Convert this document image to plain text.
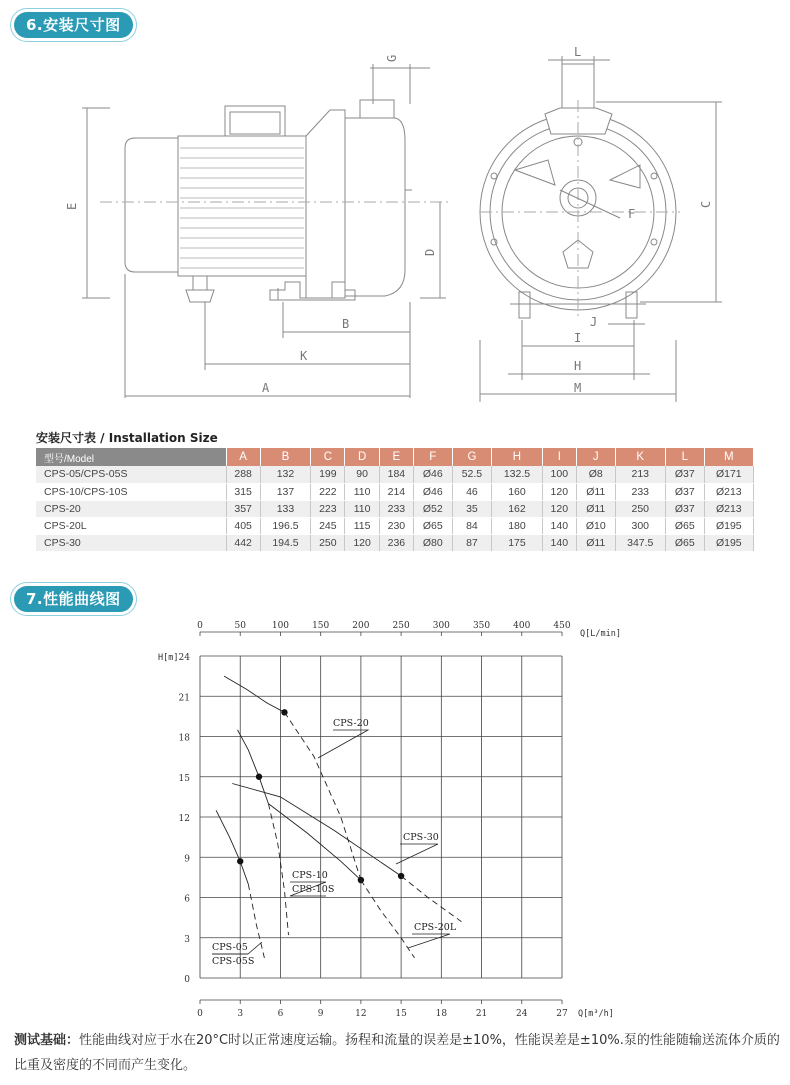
6.安装尺寸图
E
D
G
B
K
A
L
C
F
J
I
H
M
安装尺寸表 / Installation Size
型号/Model	A	B	C	D	E	F	G	H	I	J	K	L	M
CPS-05/CPS-05S	288	132	199	90	184	Ø46	52.5	132.5	100	Ø8	213	Ø37	Ø171
CPS-10/CPS-10S	315	137	222	110	214	Ø46	46	160	120	Ø11	233	Ø37	Ø213
CPS-20	357	133	223	110	233	Ø52	35	162	120	Ø11	250	Ø37	Ø213
CPS-20L	405	196.5	245	115	230	Ø65	84	180	140	Ø10	300	Ø65	Ø195
CPS-30	442	194.5	250	120	236	Ø80	87	175	140	Ø11	347.5	Ø65	Ø195
7.性能曲线图
0
3
6
9
12
15
18
21
24
0	3	6	9	12	15	18	21	24	27 Q[m³/h]
0	50	100	150	200	250	300	350	400	450
Q[L/min]
H[m]
CPS-20
CPS-30
CPS-10
CPS-10S
CPS-20L
CPS-05
CPS-05S
测试基础：性能曲线对应于水在20°C时以正常速度运输。扬程和流量的误差是±10%，性能误差是±10%.泵的性能随输送流体介质的比重及密度的不同而产生变化。
